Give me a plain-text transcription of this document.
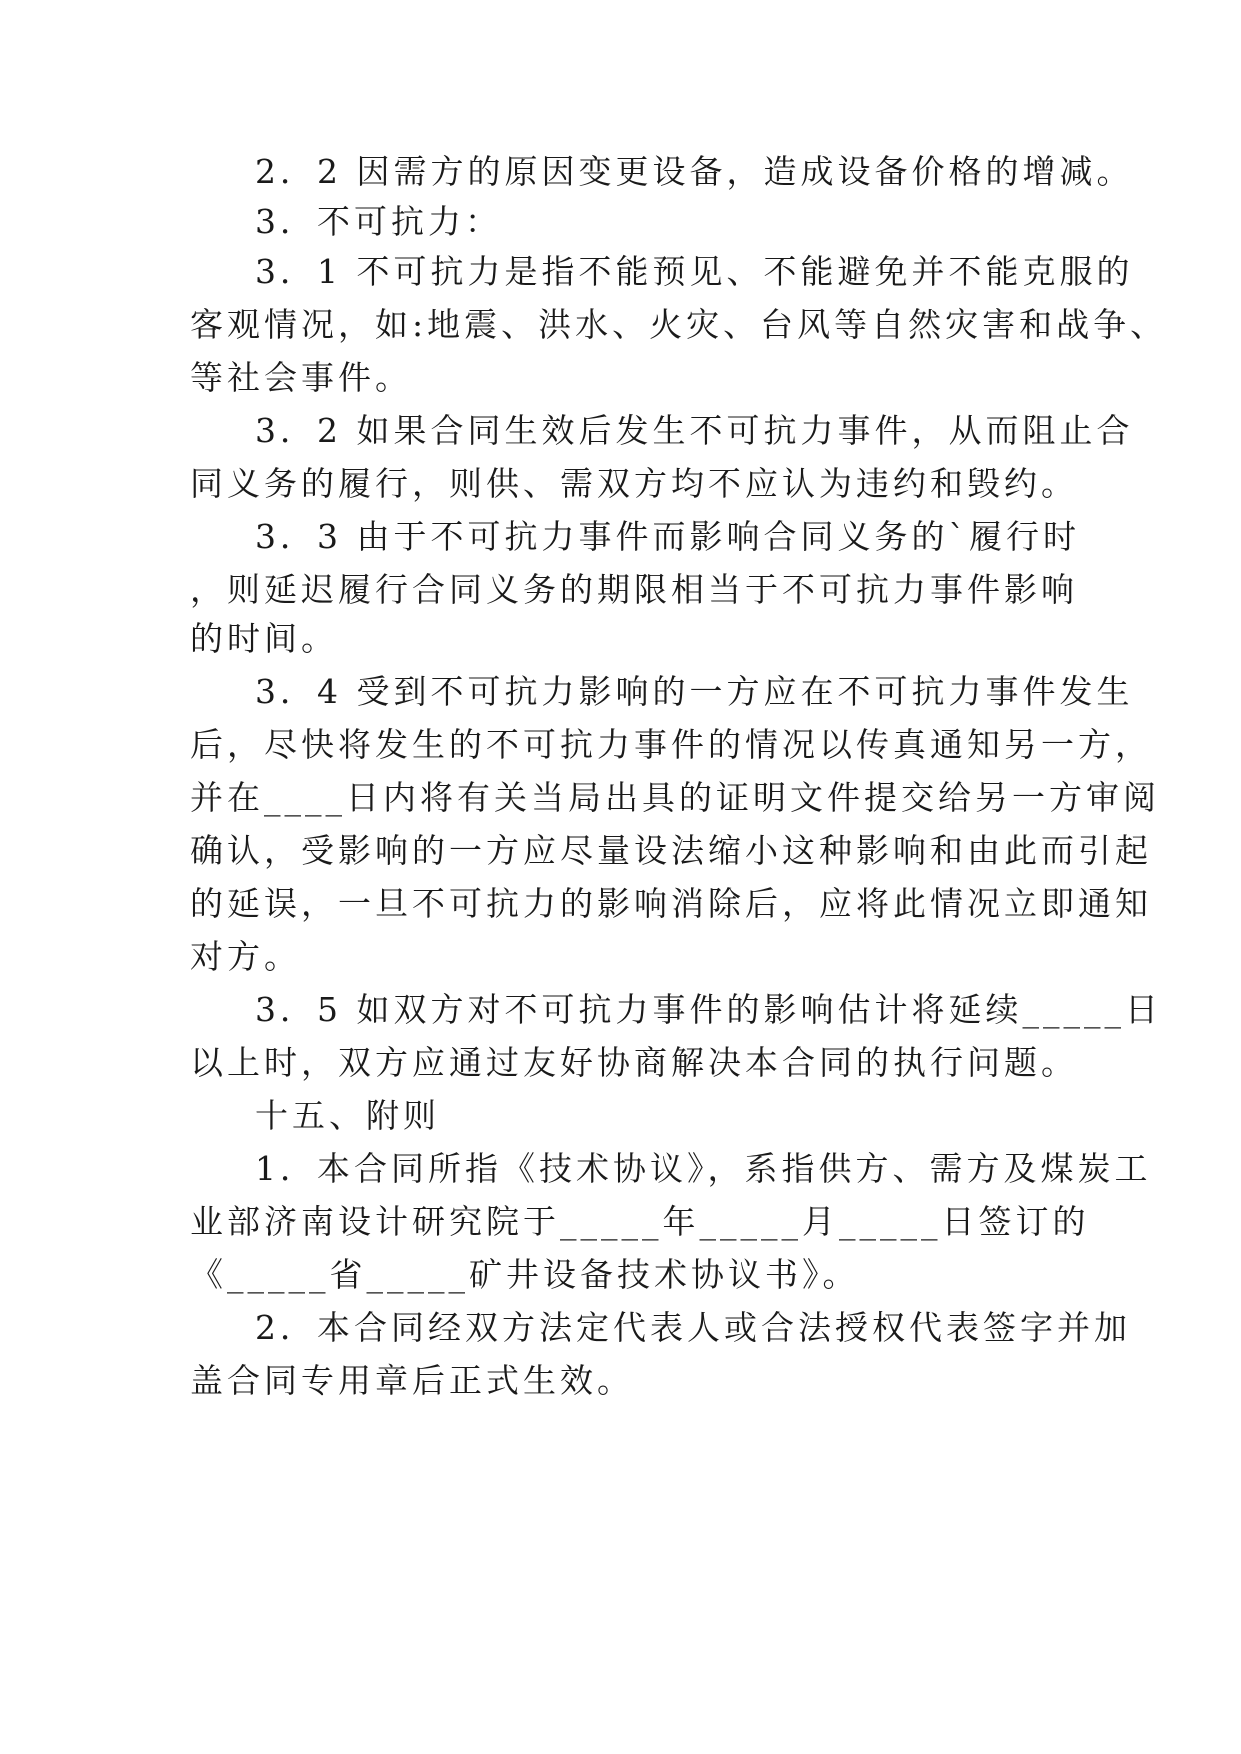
2．2 因需方的原因变更设备，造成设备价格的增减。
3．不可抗力：
3．1 不可抗力是指不能预见、不能避免并不能克服的
客观情况，如:地震、洪水、火灾、台风等自然灾害和战争、
等社会事件。
3．2 如果合同生效后发生不可抗力事件，从而阻止合
同义务的履行，则供、需双方均不应认为违约和毁约。
3．3 由于不可抗力事件而影响合同义务的`履行时
，则延迟履行合同义务的期限相当于不可抗力事件影响
的时间。
3．4 受到不可抗力影响的一方应在不可抗力事件发生
后，尽快将发生的不可抗力事件的情况以传真通知另一方，
并在____日内将有关当局出具的证明文件提交给另一方审阅
确认，受影响的一方应尽量设法缩小这种影响和由此而引起
的延误，一旦不可抗力的影响消除后，应将此情况立即通知
对方。
3．5 如双方对不可抗力事件的影响估计将延续_____日
以上时，双方应通过友好协商解决本合同的执行问题。
十五、附则
1．本合同所指《技术协议》，系指供方、需方及煤炭工
业部济南设计研究院于_____年_____月_____日签订的
《_____省_____矿井设备技术协议书》。
2．本合同经双方法定代表人或合法授权代表签字并加
盖合同专用章后正式生效。
